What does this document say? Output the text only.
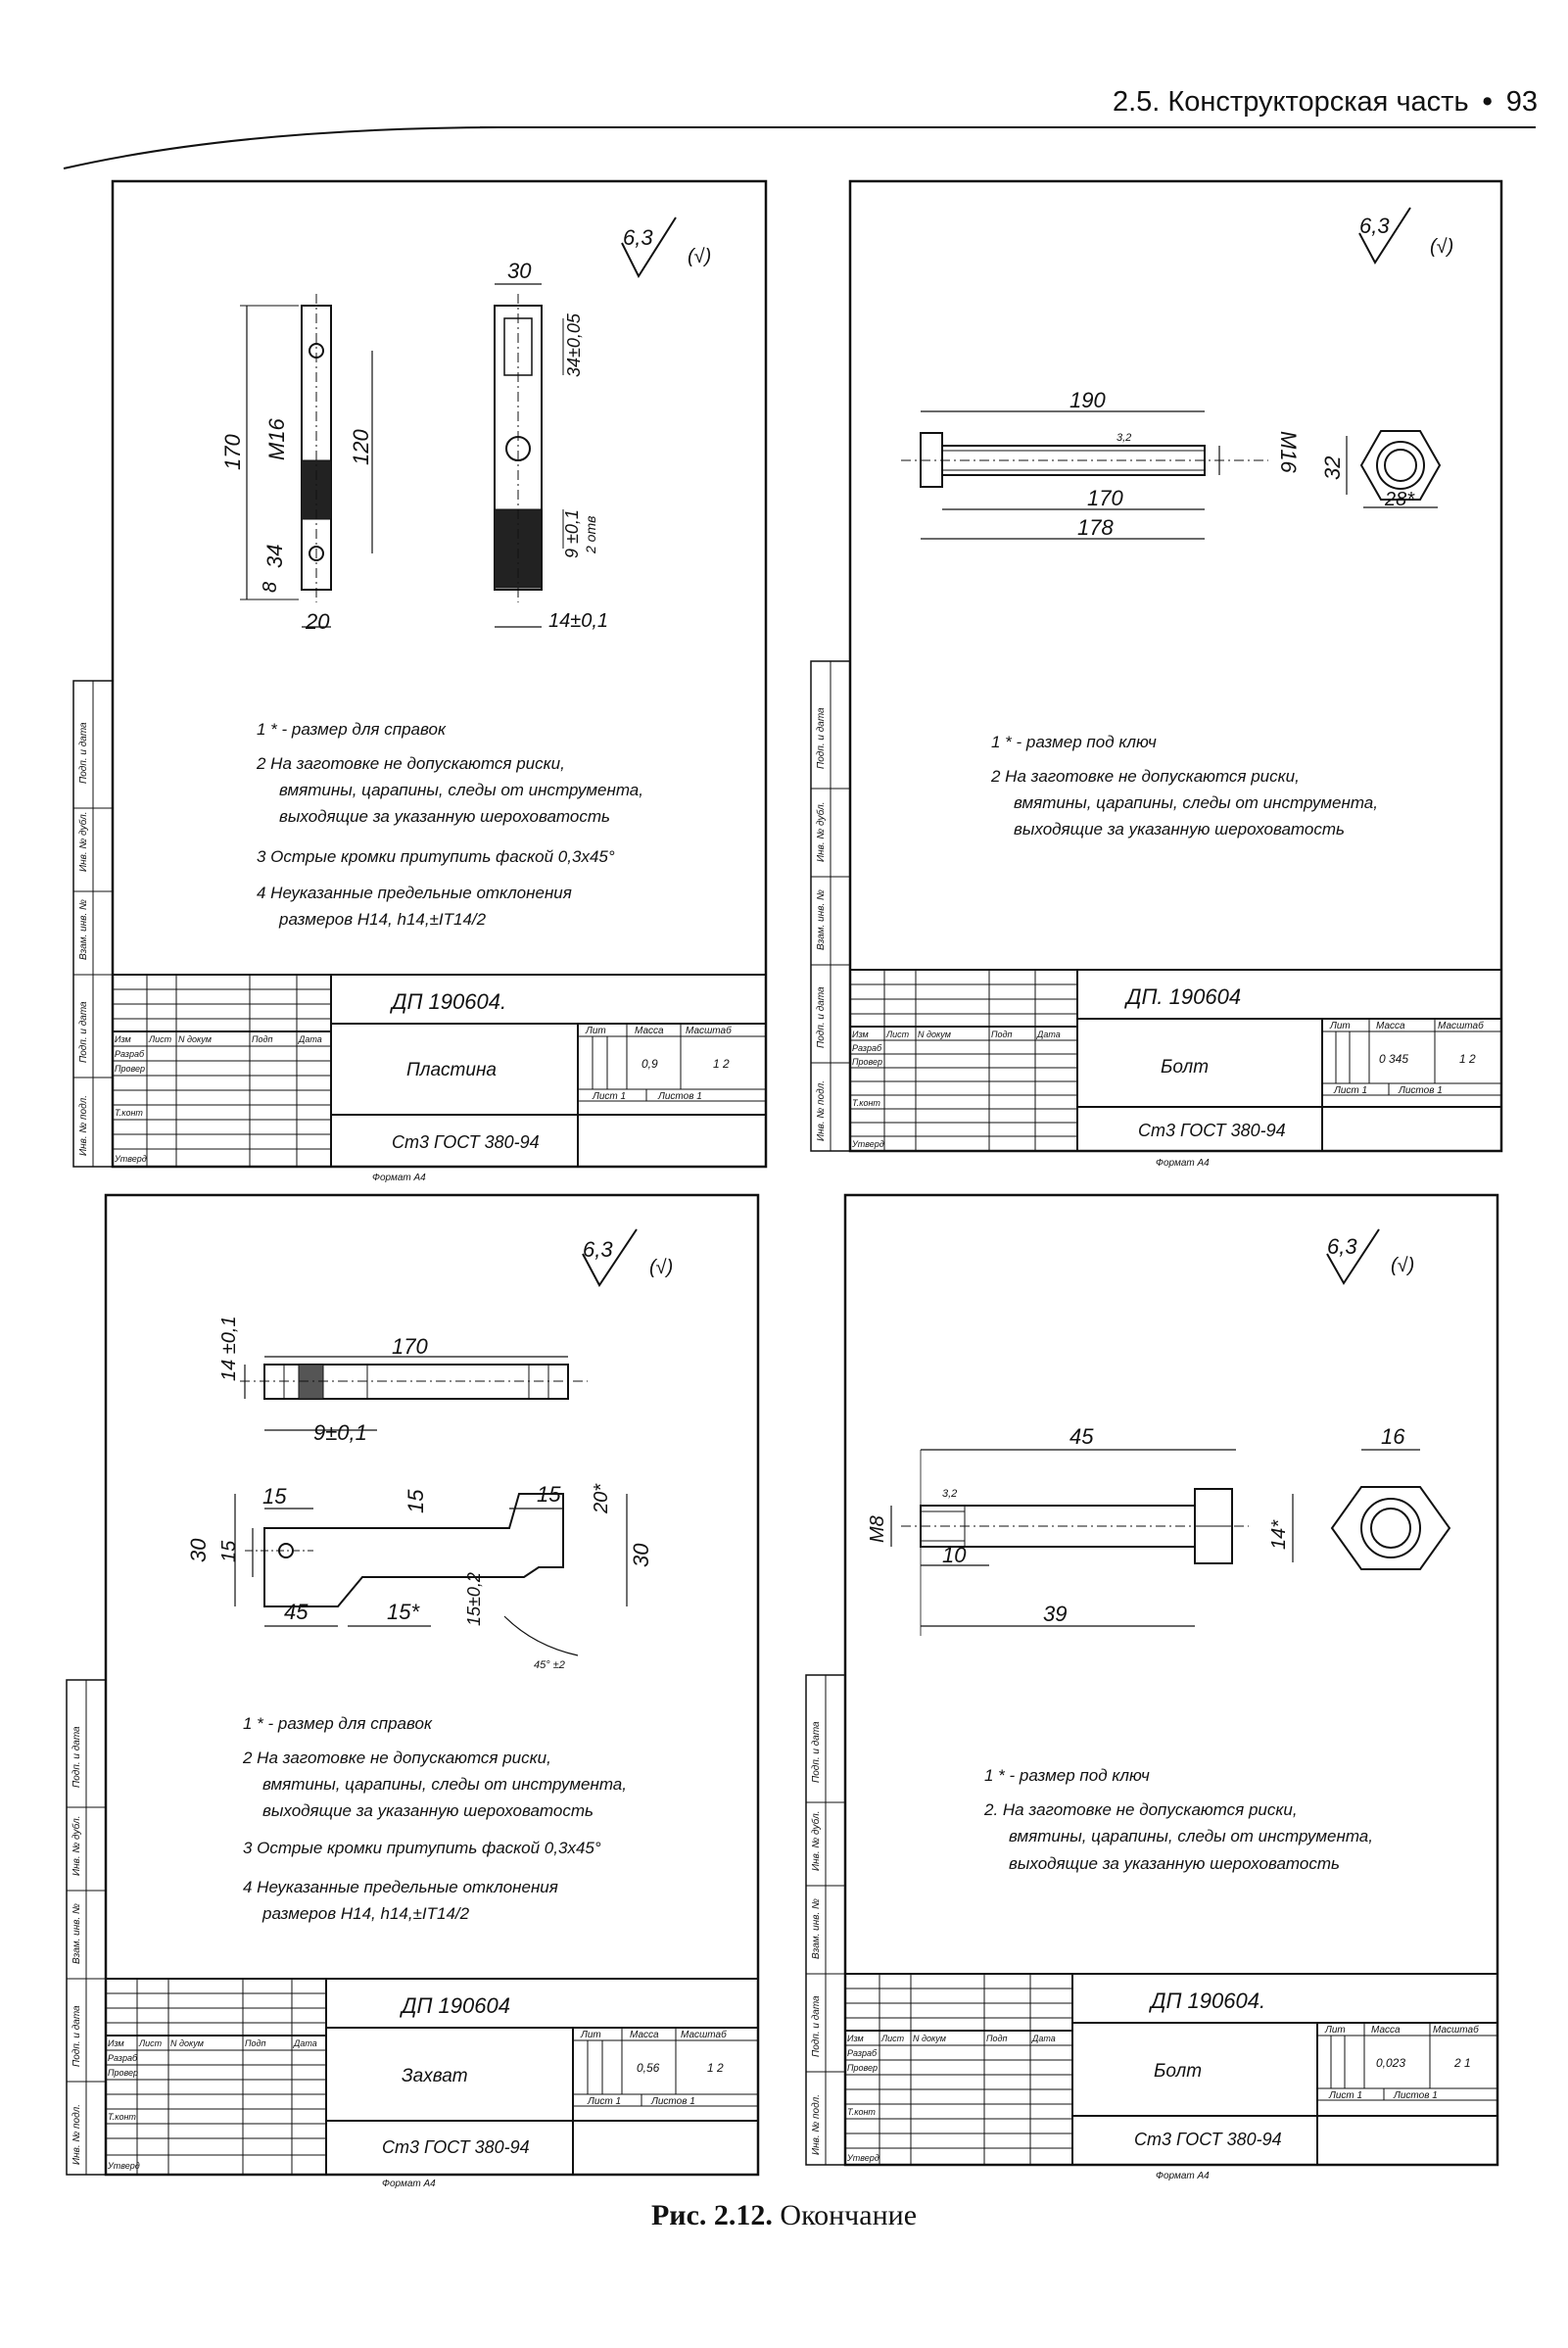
2.5. Конструкторская часть • 93
Подп. и дата
Инв. № дубл.
Взам. инв. №
Подп. и дата
Инв. № подл.
6,3
(√)
170 M16	120
34
8
20
30
34±0,05
9 ±0,1 2 отв
14±0,1
1 * - размер для справок
2 На заготовке не допускаются риски,
вмятины, царапины, следы от инструмента,
выходящие за указанную шероховатость
3 Острые кромки притупить фаской 0,3х45°
4 Неуказанные предельные отклонения
размеров H14, h14,±IT14/2
Изм Лист N докум	Подп	Дата
Разраб
Провер
Т.конт
Утверд
ДП 190604.
Пластина
Ст3 ГОСТ 380-94
Лит	Масса Масштаб
0,9	1 2
Лист 1	Листов 1
Формат А4
Подп. и дата
Инв. № дубл.
Взам. инв. №
Подп. и дата
Инв. № подл.
6,3
(√)
190
3,2	M16
170
178
32
28*
1 * - размер под ключ
2 На заготовке не допускаются риски,
вмятины, царапины, следы от инструмента,
выходящие за указанную шероховатость
Изм Лист N докум	Подп	Дата
Разраб
Провер
Т.конт
Утверд
ДП. 190604
Болт
Ст3 ГОСТ 380-94
Лит	Масса	Масштаб
0 345	1 2
Лист 1	Листов 1
Формат А4
Подп. и дата
Инв. № дубл.
Взам. инв. №
Подп. и дата
Инв. № подл.
6,3
(√)
14 ±0,1	170
9±0,1
15	15	15 20*
30 15
45	15*	15±0,2
30
45° ±2
1 * - размер для справок
2 На заготовке не допускаются риски,
вмятины, царапины, следы от инструмента,
выходящие за указанную шероховатость
3 Острые кромки притупить фаской 0,3х45°
4 Неуказанные предельные отклонения
размеров H14, h14,±IT14/2
Изм Лист N докум	Подп	Дата
Разраб
Провер
Т.конт
Утверд
ДП 190604
Захват
Ст3 ГОСТ 380-94
Лит	Масса Масштаб
0,56	1 2
Лист 1	Листов 1
Формат А4
Подп. и дата
Инв. № дубл.
Взам. инв. №
Подп. и дата
Инв. № подл.
6,3
(√)
45
3,2
M8
10
39
16
14*
1 * - размер под ключ
2. На заготовке не допускаются риски,
вмятины, царапины, следы от инструмента,
выходящие за указанную шероховатость
Изм Лист N докум	Подп	Дата
Разраб
Провер
Т.конт
Утверд
ДП 190604.
Болт
Ст3 ГОСТ 380-94
Лит	Масса	Масштаб
0,023	2 1
Лист 1	Листов 1
Формат А4
Рис. 2.12. Окончание
